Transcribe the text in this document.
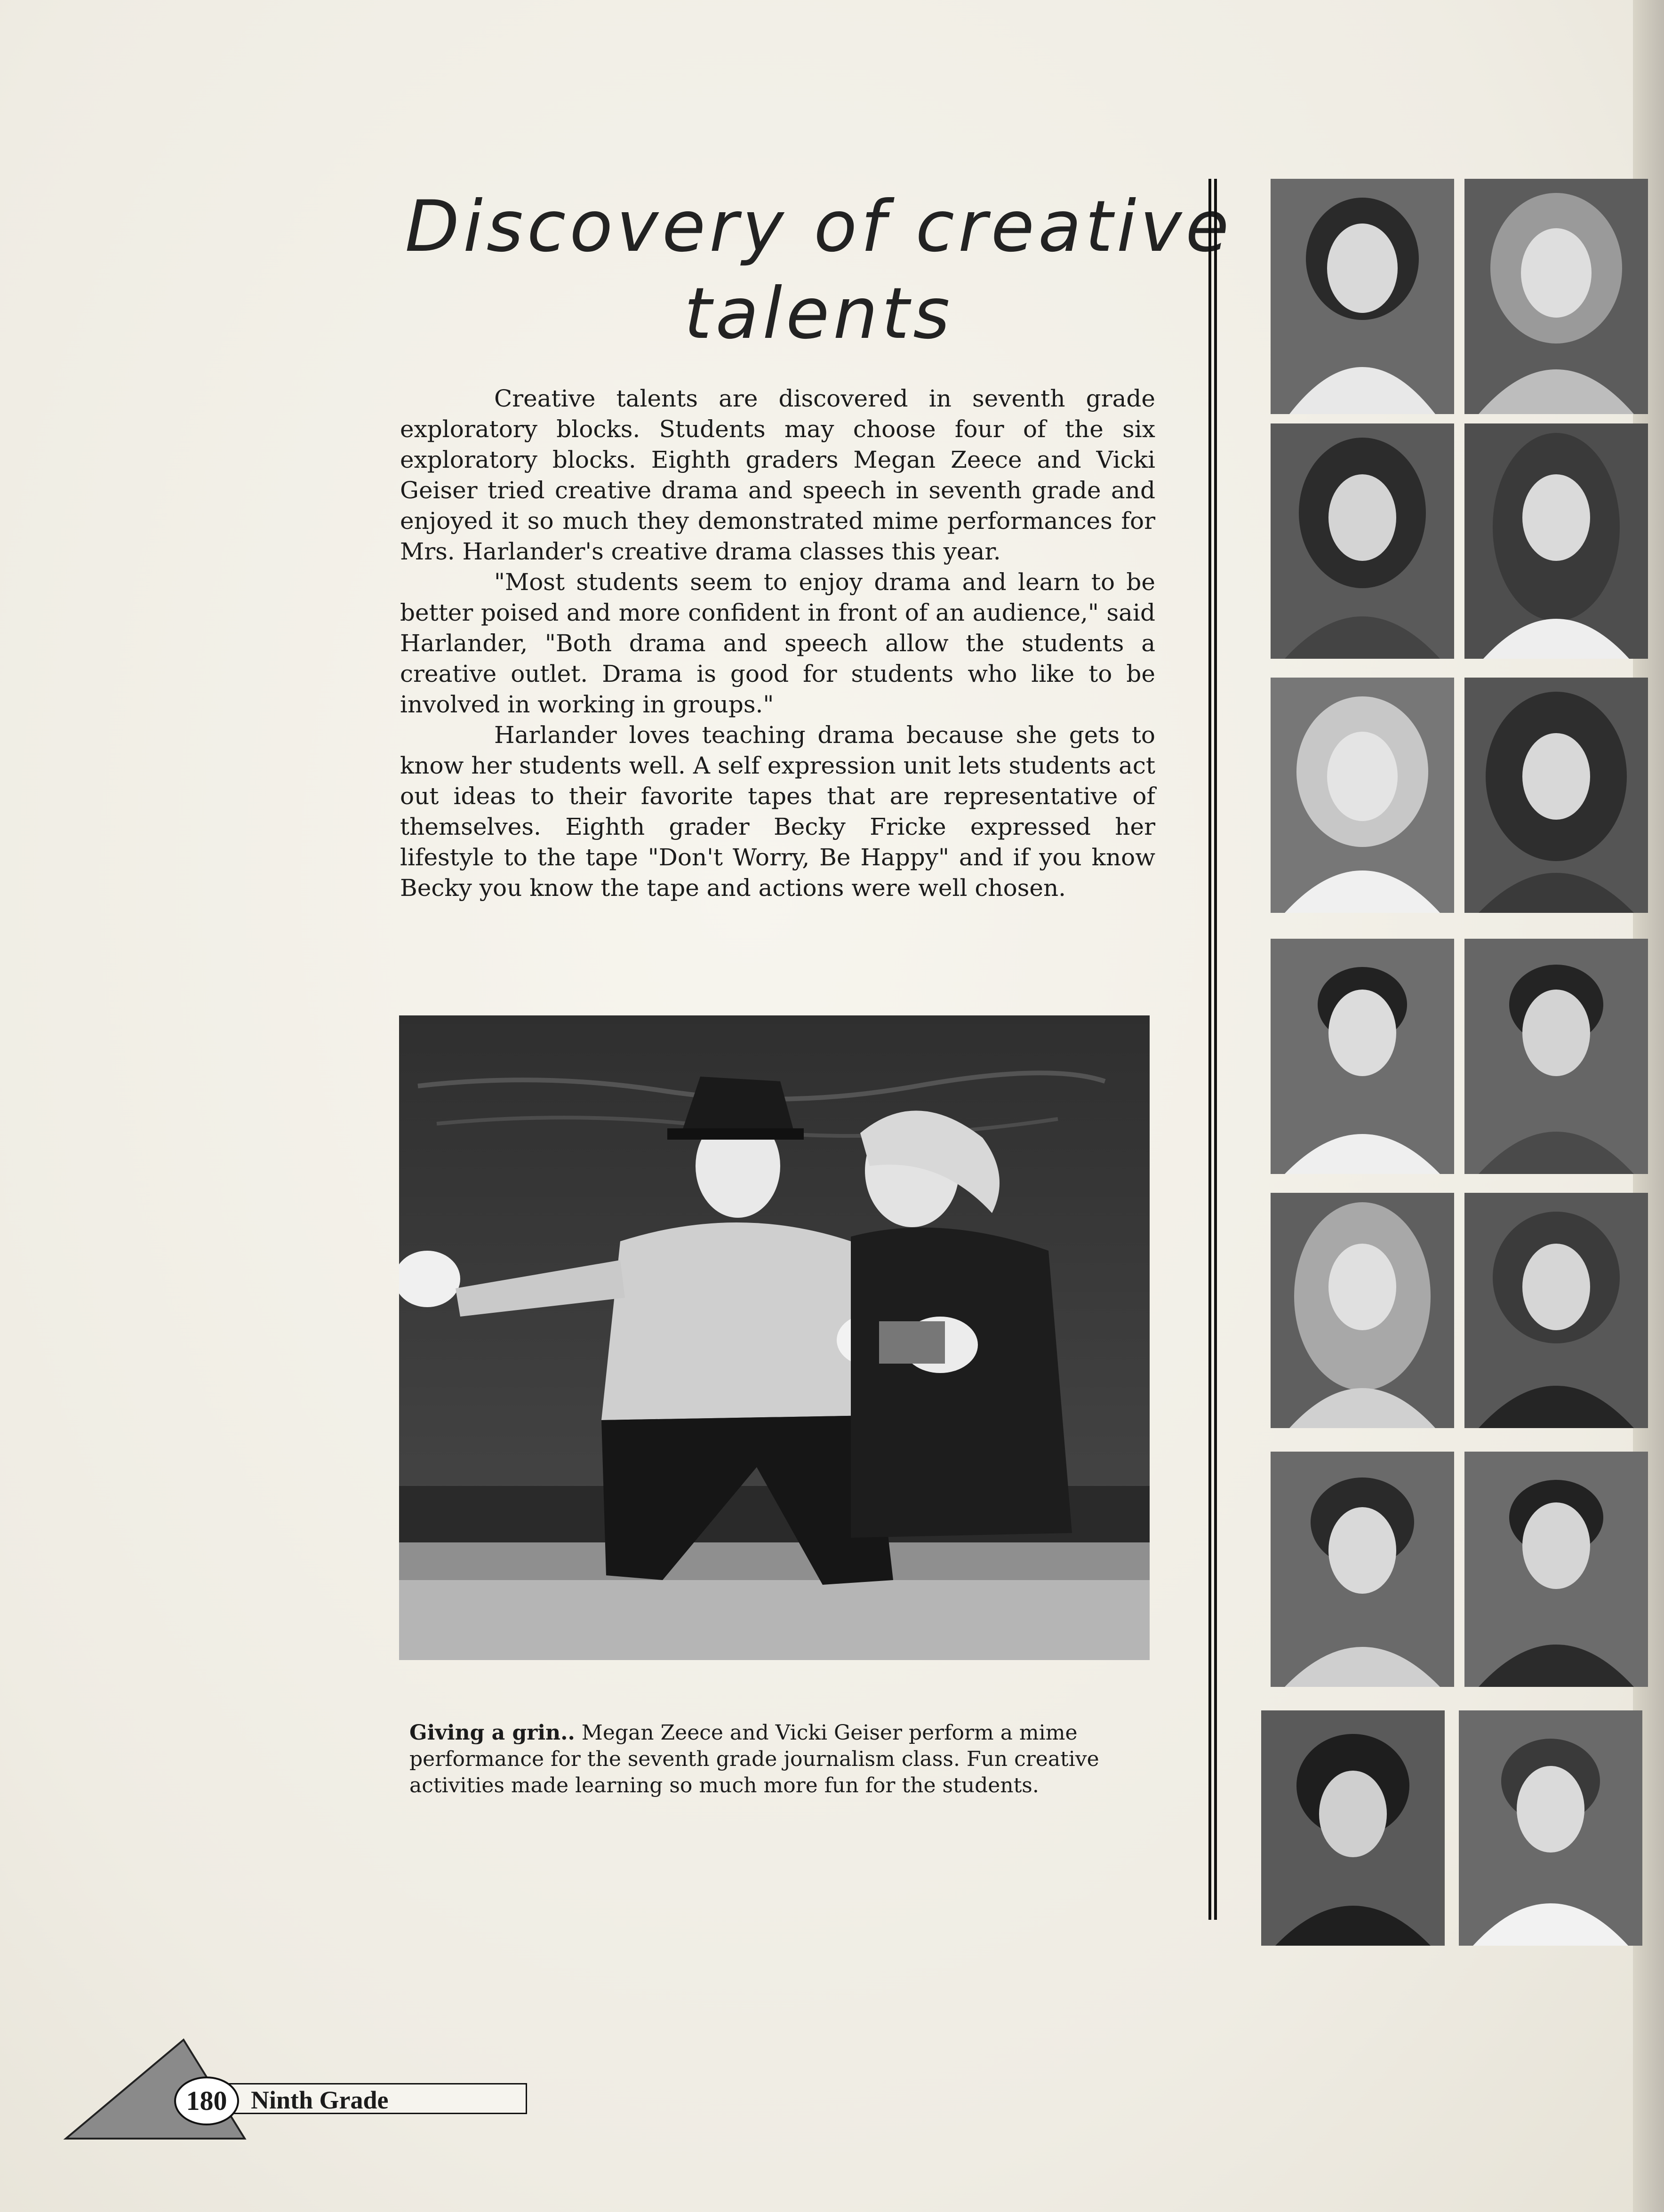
Discovery of creative
talents

Creative talents are discovered in seventh grade exploratory blocks. Students may choose four of the six exploratory blocks. Eighth graders Megan Zeece and Vicki Geiser tried creative drama and speech in seventh grade and enjoyed it so much they demonstrated mime performances for Mrs. Harlander's creative drama classes this year.

"Most students seem to enjoy drama and learn to be better poised and more confident in front of an audience," said Harlander, "Both drama and speech allow the students a creative outlet. Drama is good for students who like to be involved in working in groups."

Harlander loves teaching drama because she gets to know her students well. A self expression unit lets students act out ideas to their favorite tapes that are representative of themselves. Eighth grader Becky Fricke expressed her lifestyle to the tape "Don't Worry, Be Happy" and if you know Becky you know the tape and actions were well chosen.

Giving a grin.. Megan Zeece and Vicki Geiser perform a mime performance for the seventh grade journalism class. Fun creative activities made learning so much more fun for the students.
Ninth Grade
180
